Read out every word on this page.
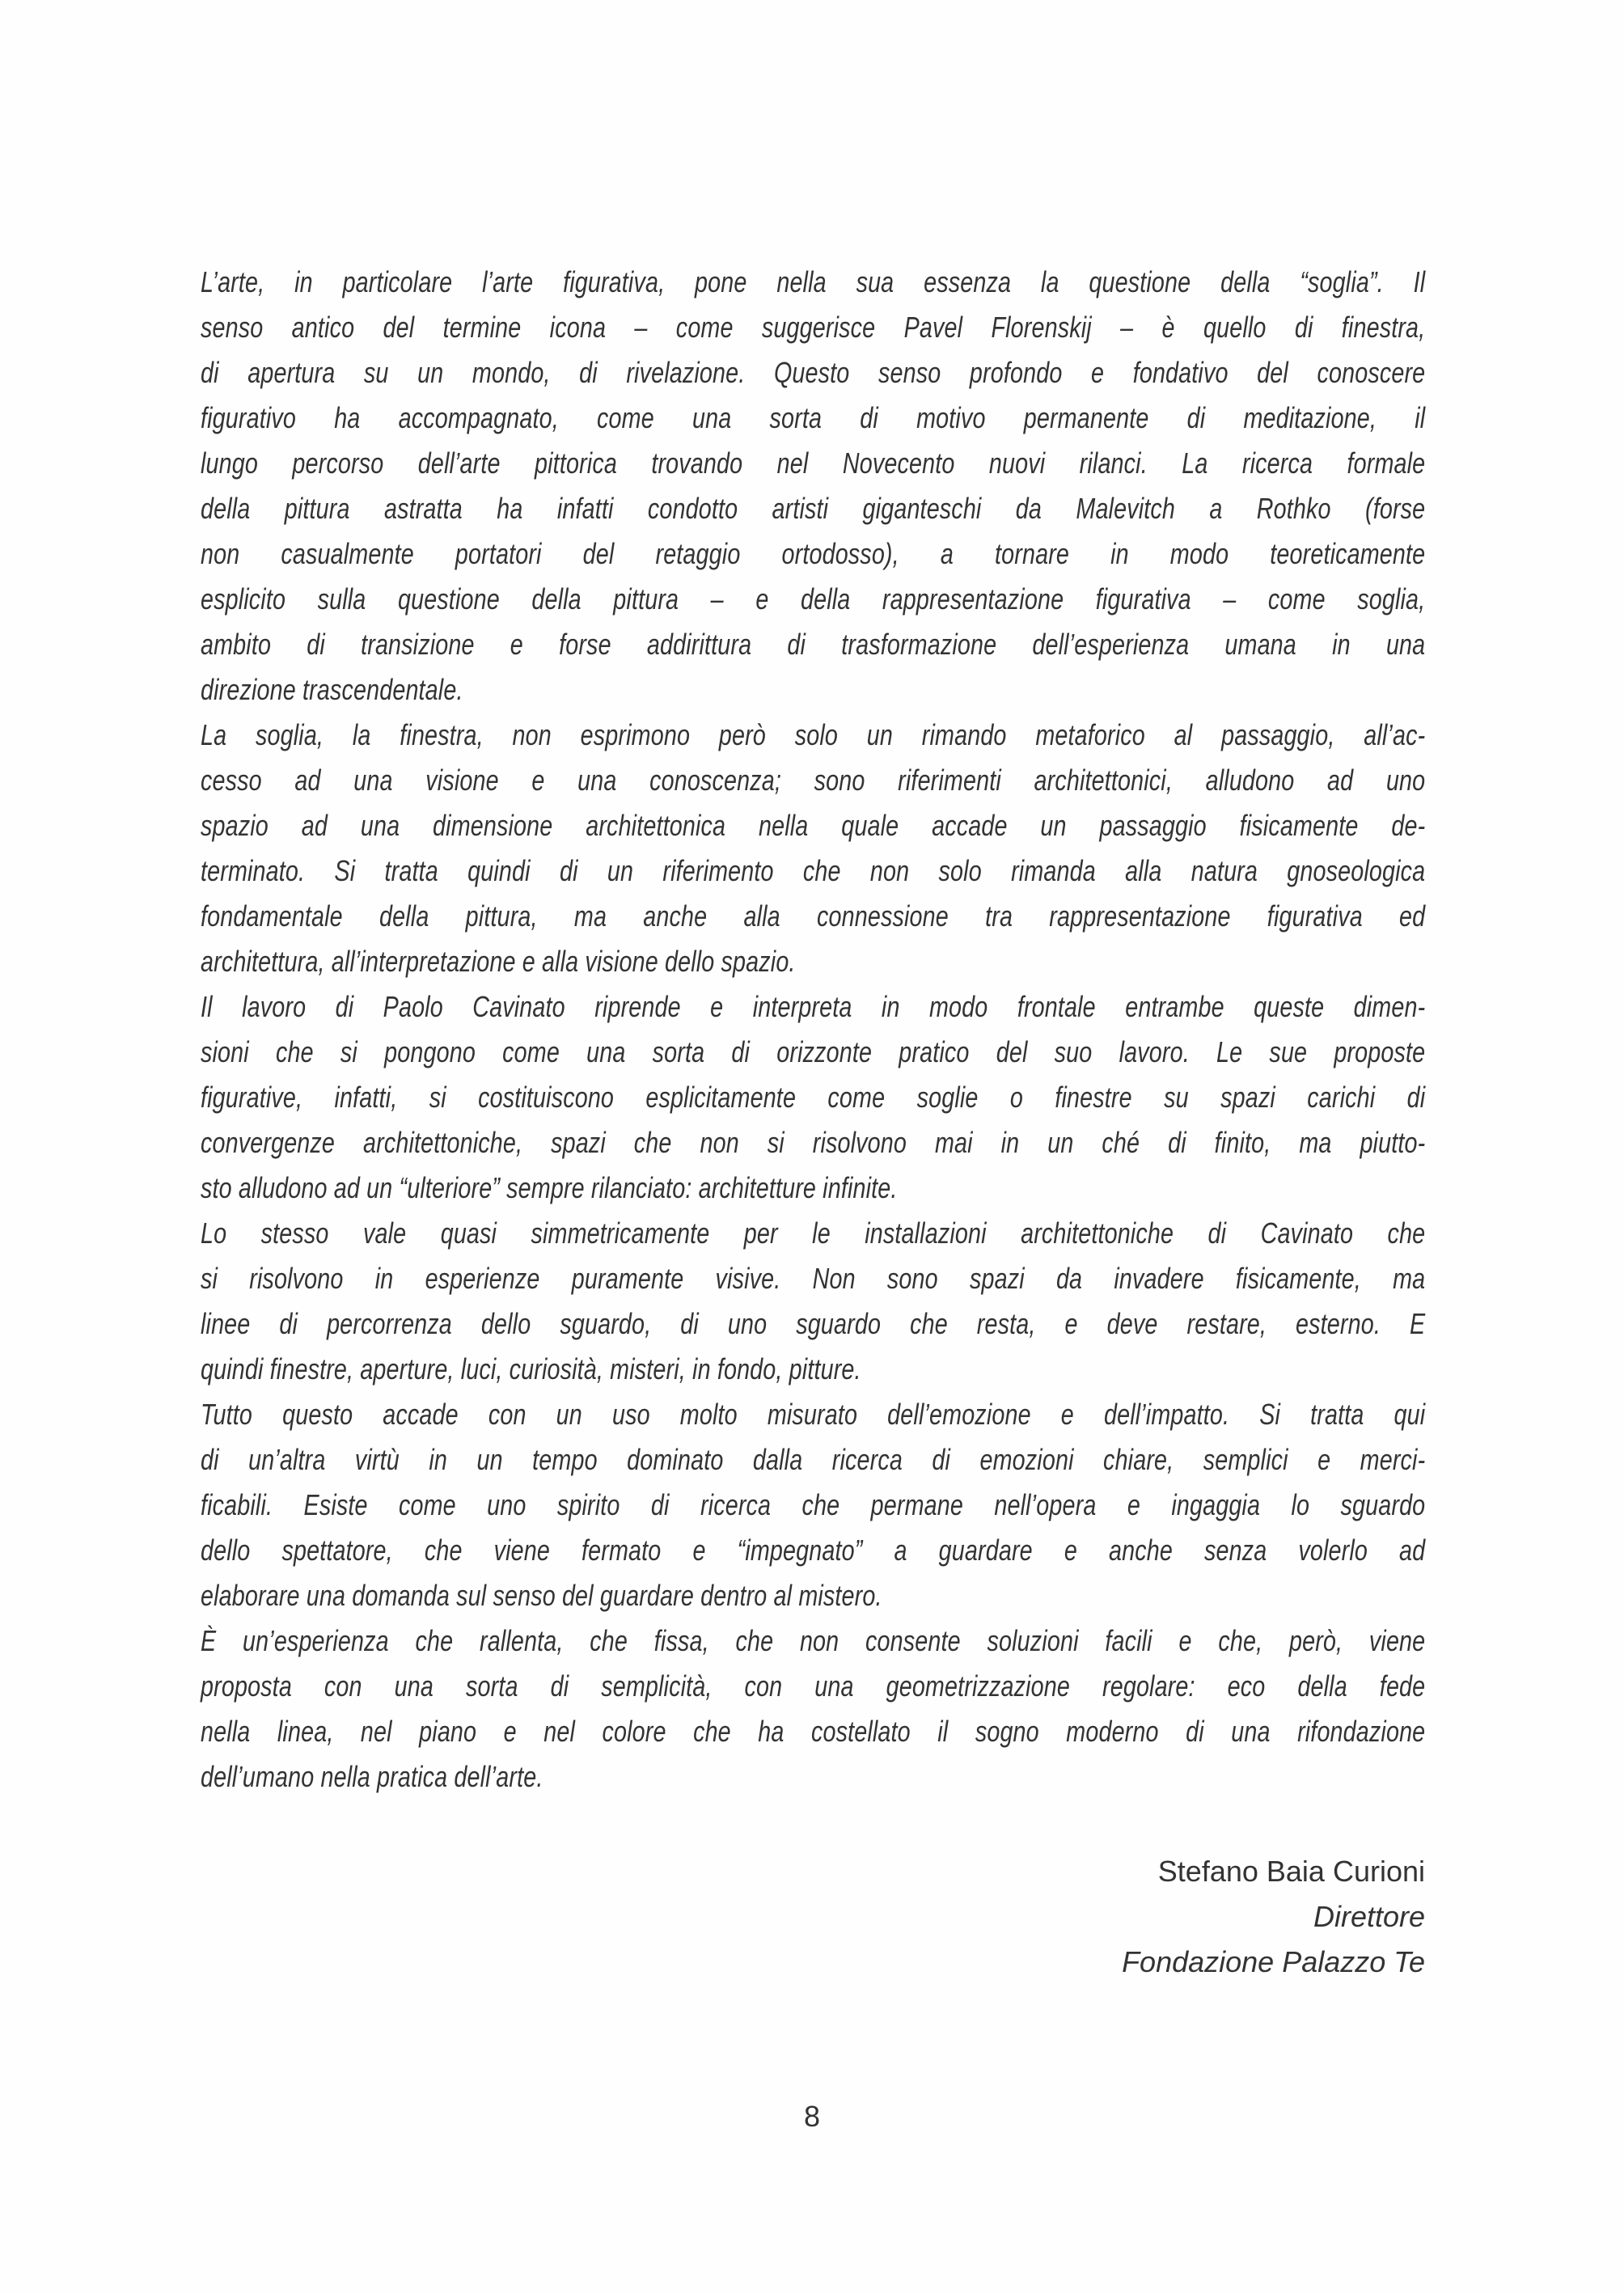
L’arte, in particolare l’arte figurativa, pone nella sua essenza la questione della “soglia”. Il
senso antico del termine icona – come suggerisce Pavel Florenskij – è quello di finestra,
di apertura su un mondo, di rivelazione. Questo senso profondo e fondativo del conoscere
figurativo ha accompagnato, come una sorta di motivo permanente di meditazione, il
lungo percorso dell’arte pittorica trovando nel Novecento nuovi rilanci. La ricerca formale
della pittura astratta ha infatti condotto artisti giganteschi da Malevitch a Rothko (forse
non casualmente portatori del retaggio ortodosso), a tornare in modo teoreticamente
esplicito sulla questione della pittura – e della rappresentazione figurativa – come soglia,
ambito di transizione e forse addirittura di trasformazione dell’esperienza umana in una
direzione trascendentale.
La soglia, la finestra, non esprimono però solo un rimando metaforico al passaggio, all’ac-
cesso ad una visione e una conoscenza; sono riferimenti architettonici, alludono ad uno
spazio ad una dimensione architettonica nella quale accade un passaggio fisicamente de-
terminato. Si tratta quindi di un riferimento che non solo rimanda alla natura gnoseologica
fondamentale della pittura, ma anche alla connessione tra rappresentazione figurativa ed
architettura, all’interpretazione e alla visione dello spazio.
Il lavoro di Paolo Cavinato riprende e interpreta in modo frontale entrambe queste dimen-
sioni che si pongono come una sorta di orizzonte pratico del suo lavoro. Le sue proposte
figurative, infatti, si costituiscono esplicitamente come soglie o finestre su spazi carichi di
convergenze architettoniche, spazi che non si risolvono mai in un ché di finito, ma piutto-
sto alludono ad un “ulteriore” sempre rilanciato: architetture infinite.
Lo stesso vale quasi simmetricamente per le installazioni architettoniche di Cavinato che
si risolvono in esperienze puramente visive. Non sono spazi da invadere fisicamente, ma
linee di percorrenza dello sguardo, di uno sguardo che resta, e deve restare, esterno. E
quindi finestre, aperture, luci, curiosità, misteri, in fondo, pitture.
Tutto questo accade con un uso molto misurato dell’emozione e dell’impatto. Si tratta qui
di un’altra virtù in un tempo dominato dalla ricerca di emozioni chiare, semplici e merci-
ficabili. Esiste come uno spirito di ricerca che permane nell’opera e ingaggia lo sguardo
dello spettatore, che viene fermato e “impegnato” a guardare e anche senza volerlo ad
elaborare una domanda sul senso del guardare dentro al mistero.
È un’esperienza che rallenta, che fissa, che non consente soluzioni facili e che, però, viene
proposta con una sorta di semplicità, con una geometrizzazione regolare: eco della fede
nella linea, nel piano e nel colore che ha costellato il sogno moderno di una rifondazione
dell’umano nella pratica dell’arte.
Stefano Baia Curioni
Direttore
Fondazione Palazzo Te
8
